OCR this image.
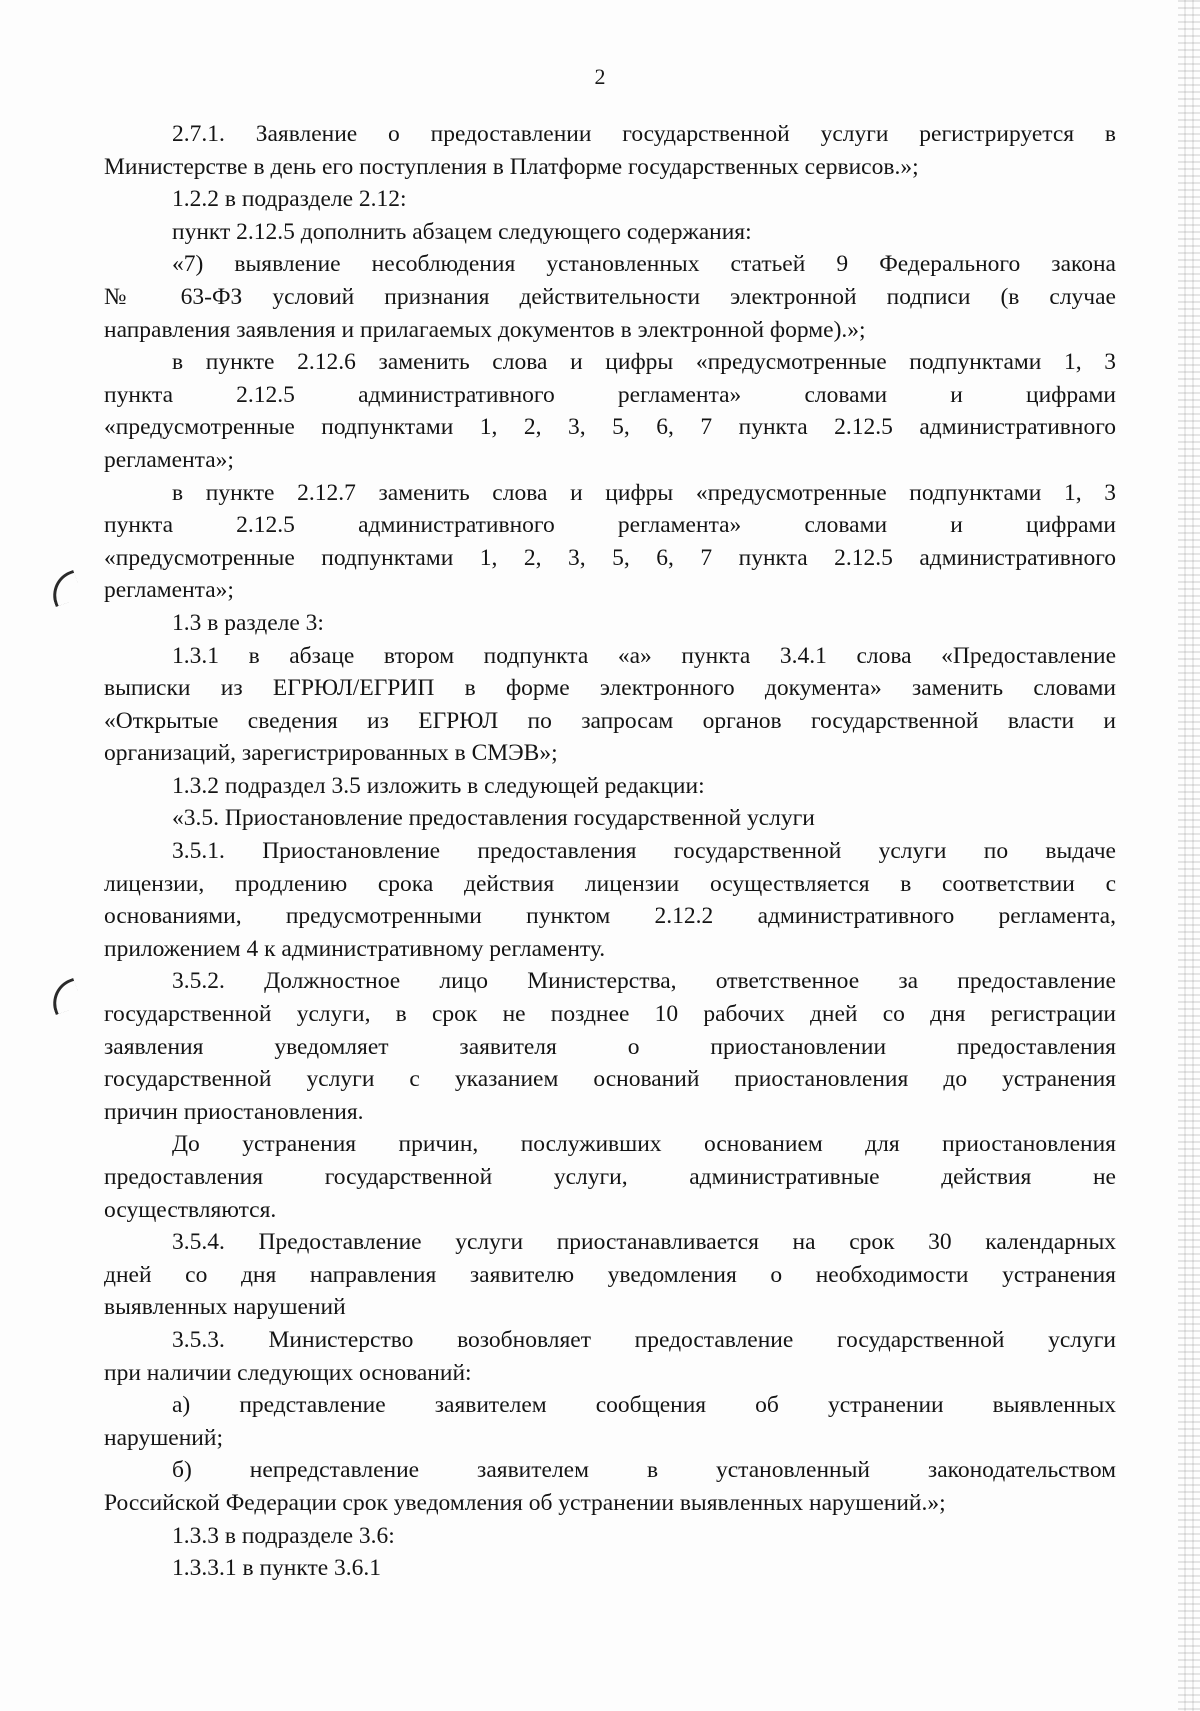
2
2.7.1. Заявление о предоставлении государственной услуги регистрируется в
Министерстве в день его поступления в Платформе государственных сервисов.»;
1.2.2 в подразделе 2.12:
пункт 2.12.5 дополнить абзацем следующего содержания:
«7) выявление несоблюдения установленных статьей 9 Федерального закона
№ 63-ФЗ условий признания действительности электронной подписи (в случае
направления заявления и прилагаемых документов в электронной форме).»;
в пункте 2.12.6 заменить слова и цифры «предусмотренные подпунктами 1, 3
пункта 2.12.5 административного регламента» словами и цифрами
«предусмотренные подпунктами 1, 2, 3, 5, 6, 7 пункта 2.12.5 административного
регламента»;
в пункте 2.12.7 заменить слова и цифры «предусмотренные подпунктами 1, 3
пункта 2.12.5 административного регламента» словами и цифрами
«предусмотренные подпунктами 1, 2, 3, 5, 6, 7 пункта 2.12.5 административного
регламента»;
1.3 в разделе 3:
1.3.1 в абзаце втором подпункта «а» пункта 3.4.1 слова «Предоставление
выписки из ЕГРЮЛ/ЕГРИП в форме электронного документа» заменить словами
«Открытые сведения из ЕГРЮЛ по запросам органов государственной власти и
организаций, зарегистрированных в СМЭВ»;
1.3.2 подраздел 3.5 изложить в следующей редакции:
«3.5. Приостановление предоставления государственной услуги
3.5.1. Приостановление предоставления государственной услуги по выдаче
лицензии, продлению срока действия лицензии осуществляется в соответствии с
основаниями, предусмотренными пунктом 2.12.2 административного регламента,
приложением 4 к административному регламенту.
3.5.2. Должностное лицо Министерства, ответственное за предоставление
государственной услуги, в срок не позднее 10 рабочих дней со дня регистрации
заявления уведомляет заявителя о приостановлении предоставления
государственной услуги с указанием оснований приостановления до устранения
причин приостановления.
До устранения причин, послуживших основанием для приостановления
предоставления государственной услуги, административные действия не
осуществляются.
3.5.4. Предоставление услуги приостанавливается на срок 30 календарных
дней со дня направления заявителю уведомления о необходимости устранения
выявленных нарушений
3.5.3. Министерство возобновляет предоставление государственной услуги
при наличии следующих оснований:
а) представление заявителем сообщения об устранении выявленных
нарушений;
б) непредставление заявителем в установленный законодательством
Российской Федерации срок уведомления об устранении выявленных нарушений.»;
1.3.3 в подразделе 3.6:
1.3.3.1 в пункте 3.6.1
